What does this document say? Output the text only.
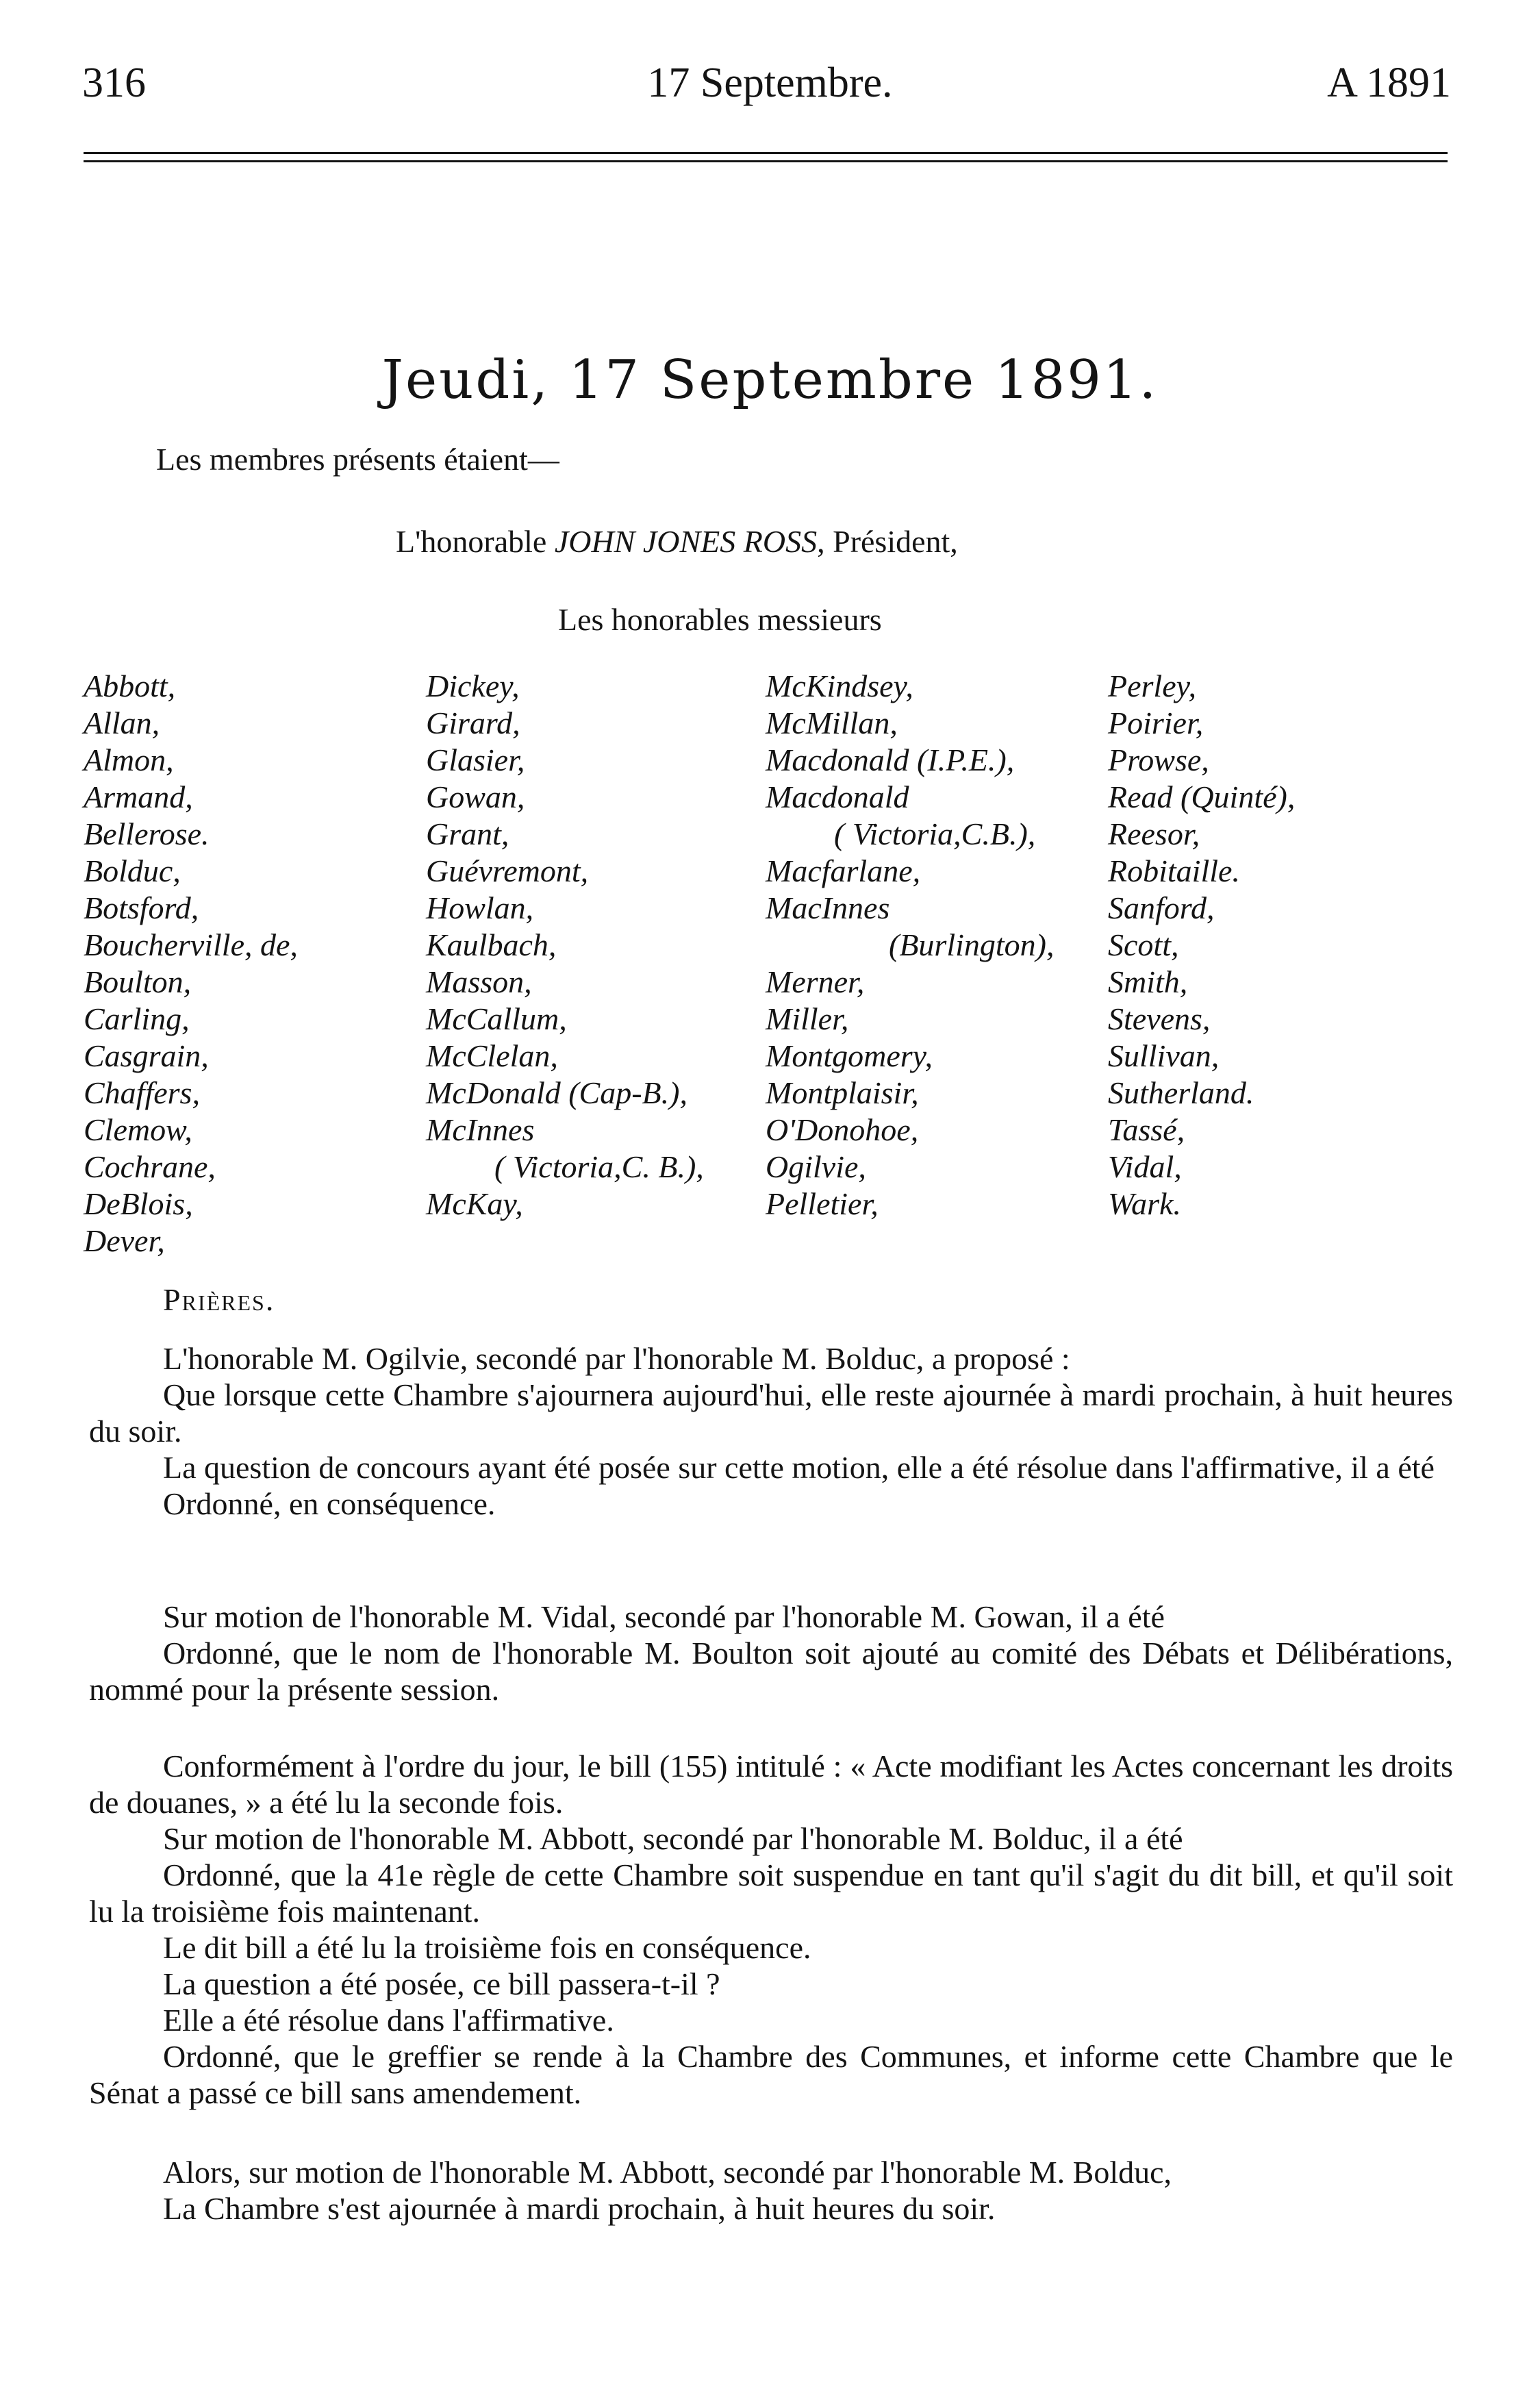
316	17 Septembre.	A 1891
Jeudi, 17 Septembre 1891.
Les membres présents étaient—
L'honorable JOHN JONES ROSS, Président,
Les honorables messieurs
Abbott,
Allan,
Almon,
Armand,
Bellerose.
Bolduc,
Botsford,
Boucherville, de,
Boulton,
Carling,
Casgrain,
Chaffers,
Clemow,
Cochrane,
DeBlois,
Dever,
Dickey,
Girard,
Glasier,
Gowan,
Grant,
Guévremont,
Howlan,
Kaulbach,
Masson,
McCallum,
McClelan,
McDonald (Cap-B.),
McInnes
( Victoria,C. B.),
McKay,
McKindsey,
McMillan,
Macdonald (I.P.E.),
Macdonald
( Victoria,C.B.),
Macfarlane,
MacInnes
(Burlington),
Merner,
Miller,
Montgomery,
Montplaisir,
O'Donohoe,
Ogilvie,
Pelletier,
Perley,
Poirier,
Prowse,
Read (Quinté),
Reesor,
Robitaille.
Sanford,
Scott,
Smith,
Stevens,
Sullivan,
Sutherland.
Tassé,
Vidal,
Wark.
Prières.

L'honorable M. Ogilvie, secondé par l'honorable M. Bolduc, a proposé :

Que lorsque cette Chambre s'ajournera aujourd'hui, elle reste ajournée à mardi prochain, à huit heures du soir.

La question de concours ayant été posée sur cette motion, elle a été résolue dans l'affirmative, il a été

Ordonné, en conséquence.

Sur motion de l'honorable M. Vidal, secondé par l'honorable M. Gowan, il a été

Ordonné, que le nom de l'honorable M. Boulton soit ajouté au comité des Débats et Délibérations, nommé pour la présente session.

Conformément à l'ordre du jour, le bill (155) intitulé : « Acte modifiant les Actes concernant les droits de douanes, » a été lu la seconde fois.

Sur motion de l'honorable M. Abbott, secondé par l'honorable M. Bolduc, il a été

Ordonné, que la 41e règle de cette Chambre soit suspendue en tant qu'il s'agit du dit bill, et qu'il soit lu la troisième fois maintenant.

Le dit bill a été lu la troisième fois en conséquence.

La question a été posée, ce bill passera-t-il ?

Elle a été résolue dans l'affirmative.

Ordonné, que le greffier se rende à la Chambre des Communes, et informe cette Chambre que le Sénat a passé ce bill sans amendement.

Alors, sur motion de l'honorable M. Abbott, secondé par l'honorable M. Bolduc,

La Chambre s'est ajournée à mardi prochain, à huit heures du soir.
